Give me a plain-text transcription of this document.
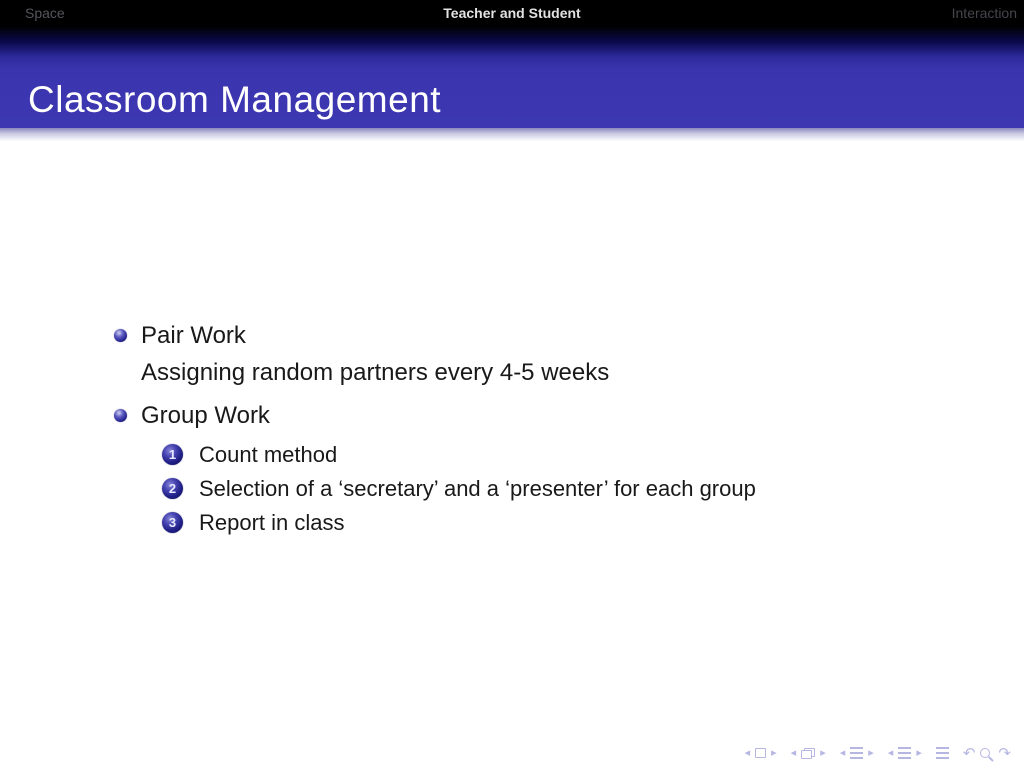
Space	Teacher and Student	Interaction
Classroom Management
Pair Work
Assigning random partners every 4-5 weeks
Group Work
1	Count method
2	Selection of a ‘secretary’ and a ‘presenter’ for each group
3	Report in class
◂ ▸ ◂ ▸ ◂ ▸ ◂ ▸	↶ ↷
